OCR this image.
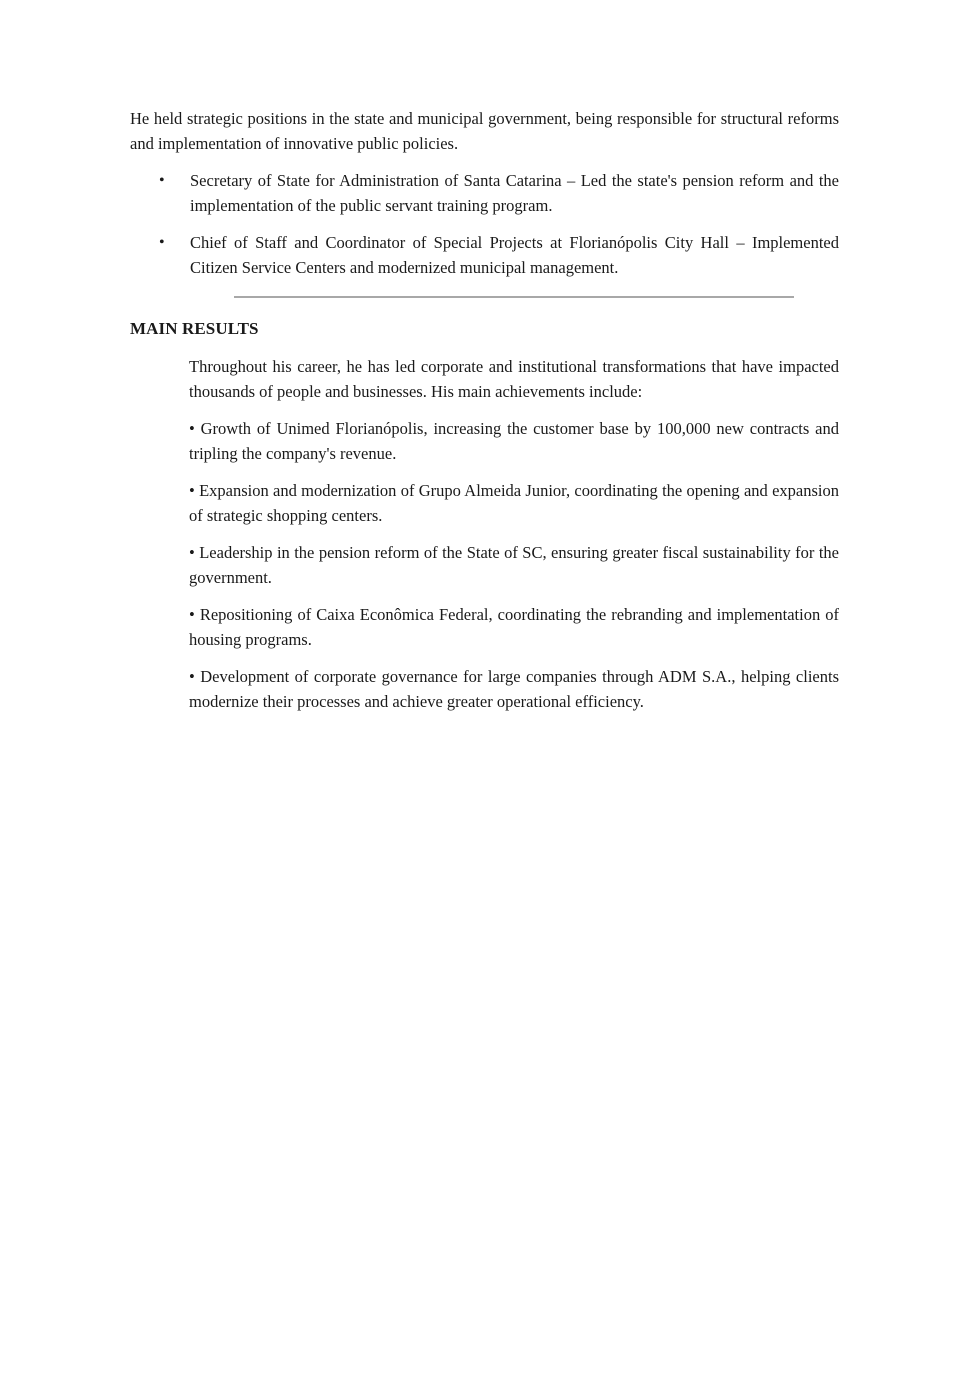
He held strategic positions in the state and municipal government, being responsible for structural reforms and implementation of innovative public policies.

• Secretary of State for Administration of Santa Catarina – Led the state's pension reform and the implementation of the public servant training program.
• Chief of Staff and Coordinator of Special Projects at Florianópolis City Hall – Implemented Citizen Service Centers and modernized municipal management.
MAIN RESULTS

Throughout his career, he has led corporate and institutional transformations that have impacted thousands of people and businesses. His main achievements include:

• Growth of Unimed Florianópolis, increasing the customer base by 100,000 new contracts and tripling the company's revenue.

• Expansion and modernization of Grupo Almeida Junior, coordinating the opening and expansion of strategic shopping centers.

• Leadership in the pension reform of the State of SC, ensuring greater fiscal sustainability for the government.

• Repositioning of Caixa Econômica Federal, coordinating the rebranding and implementation of housing programs.

• Development of corporate governance for large companies through ADM S.A., helping clients modernize their processes and achieve greater operational efficiency.
